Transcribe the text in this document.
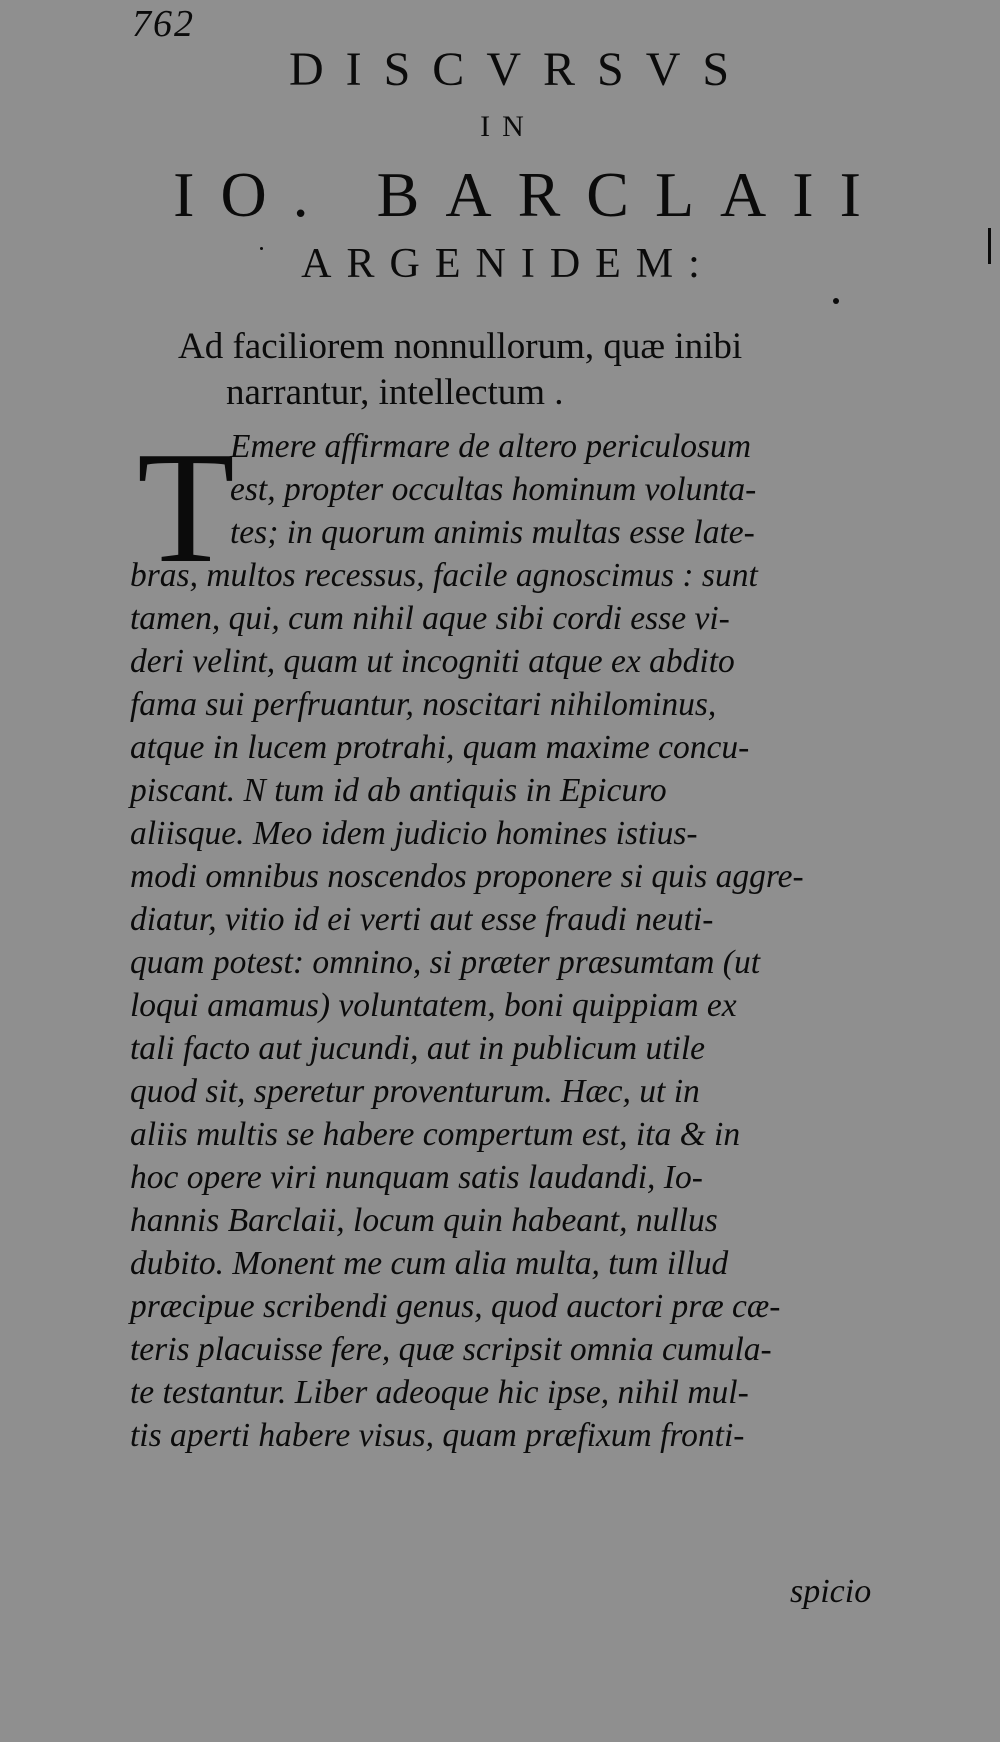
762
DISCVRSVS
IN
IO. BARCLAII
ARGENIDEM:
Ad faciliorem nonnullorum, quæ inibi
narrantur, intellectum .
T
Emere affirmare de altero periculosum
est, propter occultas hominum volunta-
tes; in quorum animis multas esse late-
bras, multos recessus, facile agnoscimus : sunt
tamen, qui, cum nihil aque sibi cordi esse vi-
deri velint, quam ut incogniti atque ex abdito
fama sui perfruantur, noscitari nihilominus,
atque in lucem protrahi, quam maxime concu-
piscant. N tum id ab antiquis in Epicuro
aliisque. Meo idem judicio homines istius-
modi omnibus noscendos proponere si quis aggre-
diatur, vitio id ei verti aut esse fraudi neuti-
quam potest: omnino, si præter præsumtam (ut
loqui amamus) voluntatem, boni quippiam ex
tali facto aut jucundi, aut in publicum utile
quod sit, speretur proventurum. Hæc, ut in
aliis multis se habere compertum est, ita & in
hoc opere viri nunquam satis laudandi, Io-
hannis Barclaii, locum quin habeant, nullus
dubito. Monent me cum alia multa, tum illud
præcipue scribendi genus, quod auctori præ cæ-
teris placuisse fere, quæ scripsit omnia cumula-
te testantur. Liber adeoque hic ipse, nihil mul-
tis aperti habere visus, quam præfixum fronti-
spicio
